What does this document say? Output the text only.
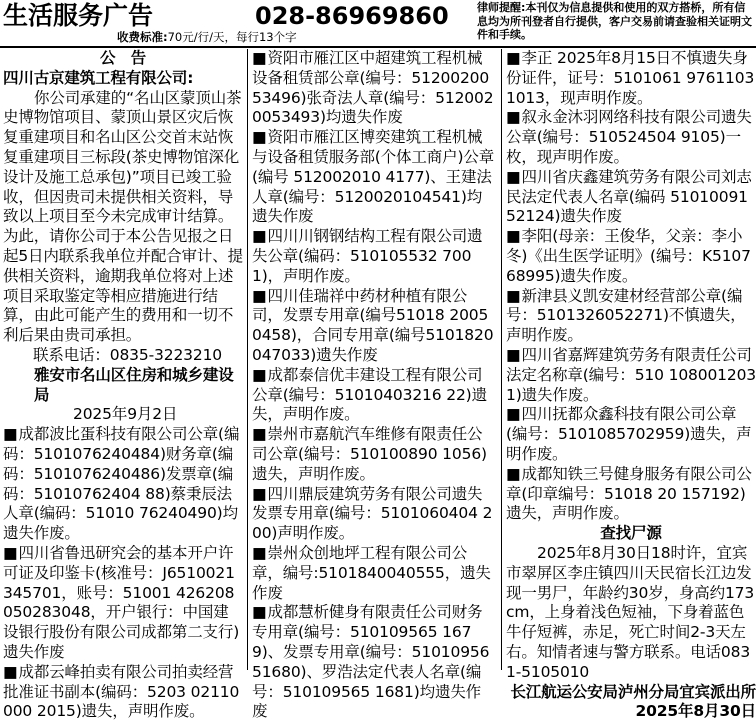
生活服务广告	028-86969860
收费标准:70元/行/天，每行13个字
律师提醒:本刊仅为信息提供和使用的双方搭桥，所有信息均为所刊登者自行提供，客户交易前请查验相关证明文件和手续。

公　告

四川古京建筑工程有限公司:

你公司承建的“名山区蒙顶山茶史博物馆项目、蒙顶山景区灾后恢复重建项目和名山区公交首末站恢复重建项目三标段(茶史博物馆深化设计及施工总承包)”项目已竣工验收，但因贵司未提供相关资料，导致以上项目至今未完成审计结算。为此，请你公司于本公告见报之日起5日内联系我单位并配合审计、提供相关资料，逾期我单位将对上述项目采取鉴定等相应措施进行结算，由此可能产生的费用和一切不利后果由贵司承担。

联系电话：0835-3223210

雅安市名山区住房和城乡建设局

2025年9月2日

■成都波比蛋科技有限公司公章(编码：5101076240484)财务章(编码：5101076240486)发票章(编码：51010762404 88)蔡秉辰法人章(编码：51010 76240490)均遗失作废。

■四川省鲁迅研究会的基本开户许可证及印鉴卡(核准号：J6510021345701，账号：51001 426208050283048，开户银行：中国建设银行股份有限公司成都第二支行)遗失作废

■成都云峰拍卖有限公司拍卖经营批准证书副本(编码：5203 02110000 2015)遗失，声明作废。

■资阳市雁江区中超建筑工程机械设备租赁部公章(编号：5120020053496)张奇法人章(编号：5120020053493)均遗失作废

■资阳市雁江区博奕建筑工程机械与设备租赁服务部(个体工商户)公章(编号 512002010 4177)、王建法人章(编号：5120020104541)均遗失作废

■四川川钢钢结构工程有限公司遗失公章(编码：510105532 7001)，声明作废。

■四川佳瑞祥中药材种植有限公司，发票专用章(编号51018 20050458)，合同专用章(编号5101820047033)遗失作废

■成都泰信优丰建设工程有限公司公章(编号：51010403216 22)遗失，声明作废。

■崇州市嘉航汽车维修有限责任公司公章(编号：510100890 1056)遗失，声明作废。

■四川鼎辰建筑劳务有限公司遗失发票专用章(编号：5101060404 200)声明作废。

■崇州众创地坪工程有限公司公章，编号:5101840040555，遗失作废

■成都慧析健身有限责任公司财务专用章(编号：510109565 1679)、发票专用章(编号：5101095651680)、罗浩法定代表人名章(编号：510109565 1681)均遗失作废

■李正 2025年8月15日不慎遗失身份证件，证号：5101061 97611031013，现声明作废。

■叙永金沐羽网络科技有限公司遗失公章(编号：510524504 9105)一枚，现声明作废。

■四川省庆鑫建筑劳务有限公司刘志民法定代表人名章(编码 5101009152124)遗失作废

■李阳(母亲：王俊华，父亲：李小冬)《出生医学证明》(编号：K510768995)遗失作废。

■新津县义凯安建材经营部公章(编号：5101326052271)不慎遗失，声明作废。

■四川省嘉辉建筑劳务有限责任公司法定名称章(编号：510 1080012031)遗失作废。

■四川抚都众鑫科技有限公司公章(编号：5101085702959)遗失，声明作废。

■成都知铁三号健身服务有限公司公章(印章编号：51018 20 157192)遗失，声明作废。

查找尸源

2025年8月30日18时许，宜宾市翠屏区李庄镇四川天民宿长江边发现一男尸，年龄约30岁，身高约173cm，上身着浅色短袖，下身着蓝色牛仔短裤，赤足，死亡时间2-3天左右。知情者速与警方联系。电话0831-5105010

长江航运公安局泸州分局宜宾派出所

2025年8月30日
